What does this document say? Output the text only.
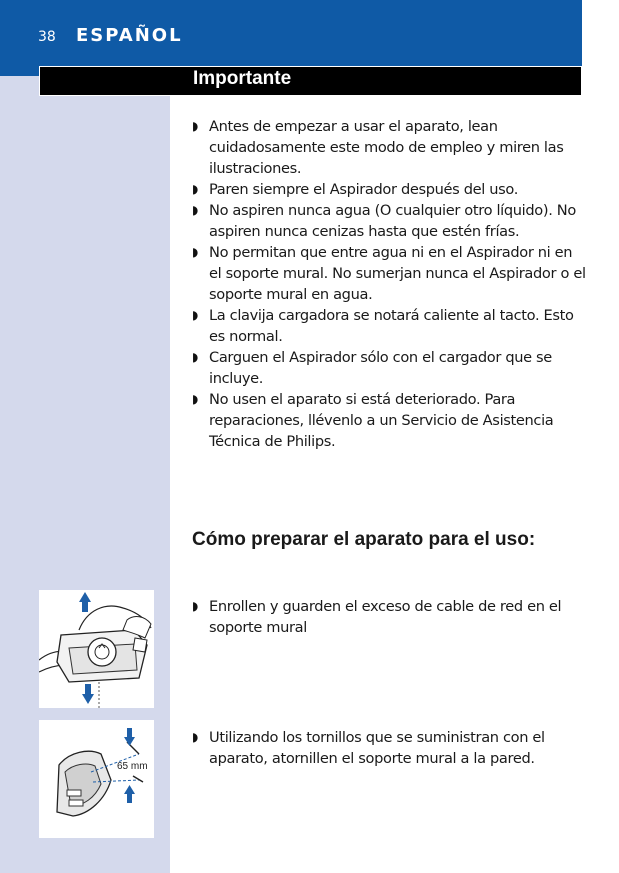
38 ESPAÑOL
Importante
◗ Antes de empezar a usar el aparato, lean cuidadosamente este modo de empleo y miren las ilustraciones.
◗ Paren siempre el Aspirador después del uso.
◗ No aspiren nunca agua (O cualquier otro líquido). No aspiren nunca cenizas hasta que estén frías.
◗ No permitan que entre agua ni en el Aspirador ni en el soporte mural. No sumerjan nunca el Aspirador o el soporte mural en agua.
◗ La clavija cargadora se notará caliente al tacto. Esto es normal.
◗ Carguen el Aspirador sólo con el cargador que se incluye.
◗ No usen el aparato si está deteriorado. Para reparaciones, llévenlo a un Servicio de Asistencia Técnica de Philips.
Cómo preparar el aparato para el uso:
◗ Enrollen y guarden el exceso de cable de red en el soporte mural
65 mm
◗ Utilizando los tornillos que se suministran con el aparato, atornillen el soporte mural a la pared.
